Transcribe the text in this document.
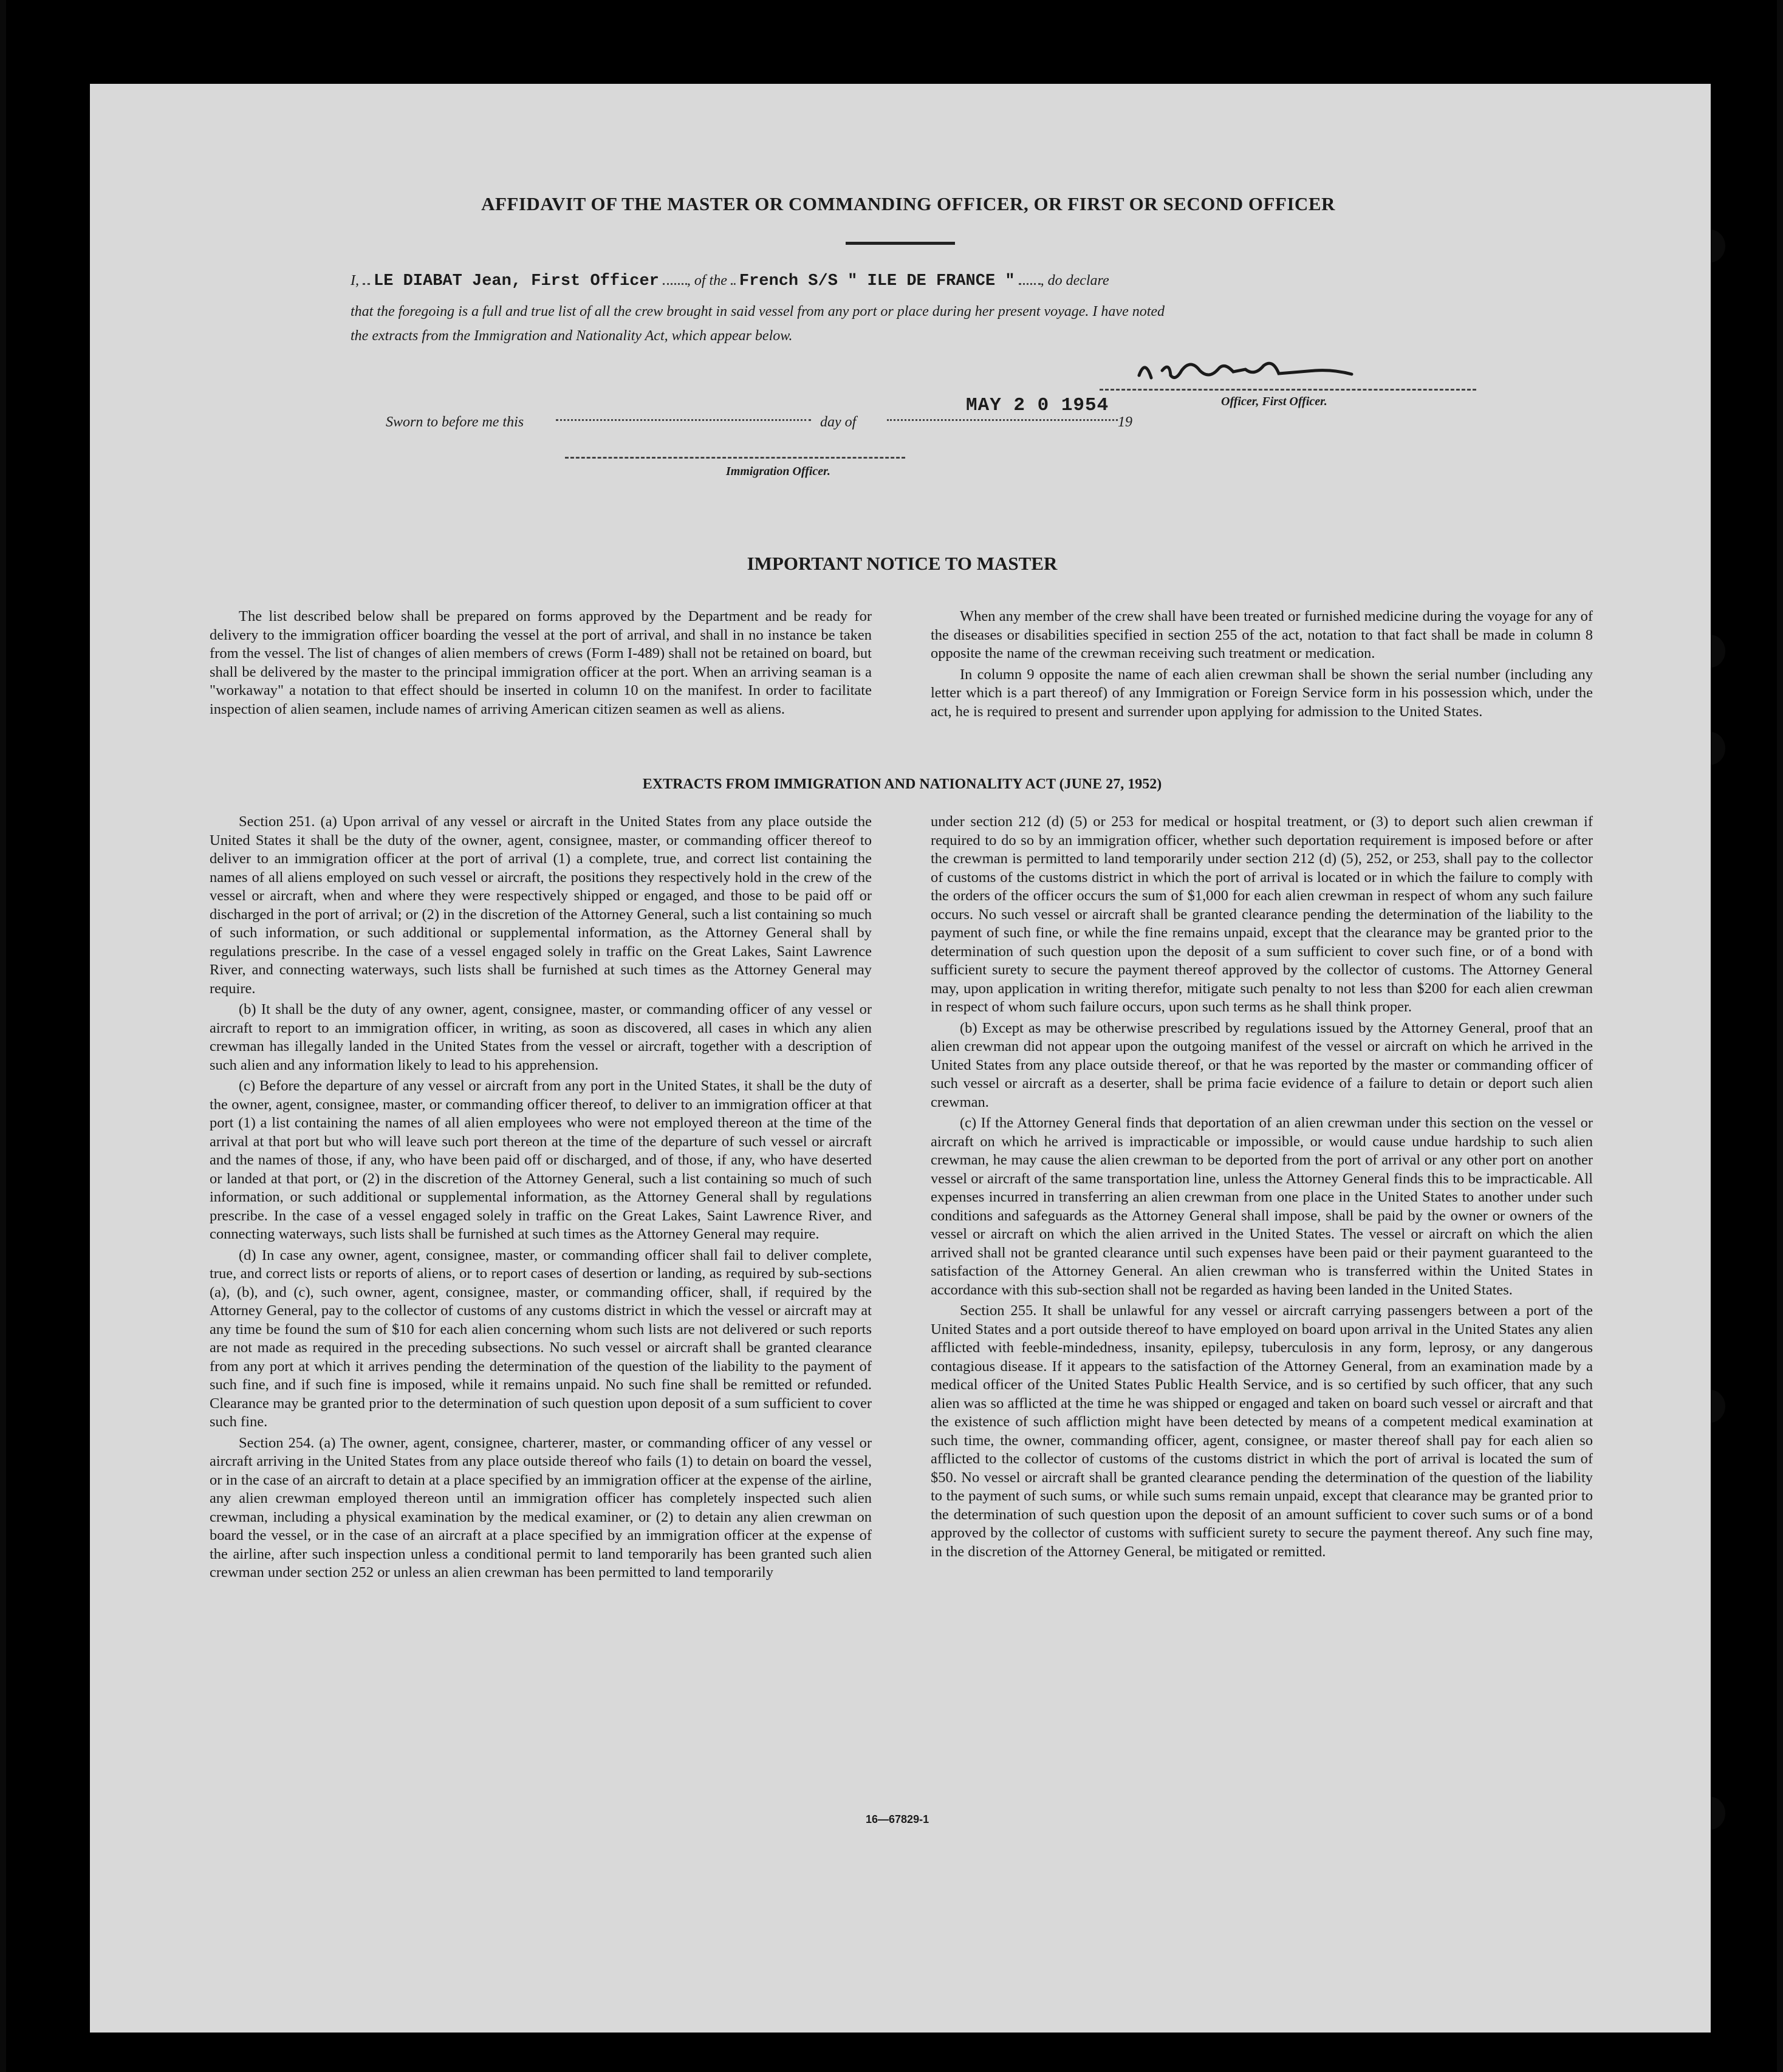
AFFIDAVIT OF THE MASTER OR COMMANDING OFFICER, OR FIRST OR SECOND OFFICER
I, LE DIABAT Jean, First Officer , of the French S/S " ILE DE FRANCE " , do declare
that the foregoing is a full and true list of all the crew brought in said vessel from any port or place during her present voyage. I have noted
the extracts from the Immigration and Nationality Act, which appear below.
Officer, First Officer.
Sworn to before me this	day of
MAY 2 0 1954
19
Immigration Officer.
IMPORTANT NOTICE TO MASTER

The list described below shall be prepared on forms approved by the Department and be ready for delivery to the immigration officer boarding the vessel at the port of arrival, and shall in no instance be taken from the vessel. The list of changes of alien members of crews (Form I-489) shall not be retained on board, but shall be delivered by the master to the principal immigration officer at the port. When an arriving seaman is a "workaway" a notation to that effect should be inserted in column 10 on the manifest. In order to facilitate inspection of alien seamen, include names of arriving American citizen seamen as well as aliens.

When any member of the crew shall have been treated or furnished medicine during the voyage for any of the diseases or disabilities specified in section 255 of the act, notation to that fact shall be made in column 8 opposite the name of the crewman receiving such treatment or medication.

In column 9 opposite the name of each alien crewman shall be shown the serial number (including any letter which is a part thereof) of any Immigration or Foreign Service form in his possession which, under the act, he is required to present and surrender upon applying for admission to the United States.

EXTRACTS FROM IMMIGRATION AND NATIONALITY ACT (JUNE 27, 1952)

Section 251. (a) Upon arrival of any vessel or aircraft in the United States from any place outside the United States it shall be the duty of the owner, agent, consignee, master, or commanding officer thereof to deliver to an immigration officer at the port of arrival (1) a complete, true, and correct list containing the names of all aliens employed on such vessel or aircraft, the positions they respectively hold in the crew of the vessel or aircraft, when and where they were respectively shipped or engaged, and those to be paid off or discharged in the port of arrival; or (2) in the discretion of the Attorney General, such a list containing so much of such information, or such additional or supplemental information, as the Attorney General shall by regulations prescribe. In the case of a vessel engaged solely in traffic on the Great Lakes, Saint Lawrence River, and connecting waterways, such lists shall be furnished at such times as the Attorney General may require.

(b) It shall be the duty of any owner, agent, consignee, master, or commanding officer of any vessel or aircraft to report to an immigration officer, in writing, as soon as discovered, all cases in which any alien crewman has illegally landed in the United States from the vessel or aircraft, together with a description of such alien and any information likely to lead to his apprehension.

(c) Before the departure of any vessel or aircraft from any port in the United States, it shall be the duty of the owner, agent, consignee, master, or commanding officer thereof, to deliver to an immigration officer at that port (1) a list containing the names of all alien employees who were not employed thereon at the time of the arrival at that port but who will leave such port thereon at the time of the departure of such vessel or aircraft and the names of those, if any, who have been paid off or discharged, and of those, if any, who have deserted or landed at that port, or (2) in the discretion of the Attorney General, such a list containing so much of such information, or such additional or supplemental information, as the Attorney General shall by regulations prescribe. In the case of a vessel engaged solely in traffic on the Great Lakes, Saint Lawrence River, and connecting waterways, such lists shall be furnished at such times as the Attorney General may require.

(d) In case any owner, agent, consignee, master, or commanding officer shall fail to deliver complete, true, and correct lists or reports of aliens, or to report cases of desertion or landing, as required by sub-sections (a), (b), and (c), such owner, agent, consignee, master, or commanding officer, shall, if required by the Attorney General, pay to the collector of customs of any customs district in which the vessel or aircraft may at any time be found the sum of $10 for each alien concerning whom such lists are not delivered or such reports are not made as required in the preceding subsections. No such vessel or aircraft shall be granted clearance from any port at which it arrives pending the determination of the question of the liability to the payment of such fine, and if such fine is imposed, while it remains unpaid. No such fine shall be remitted or refunded. Clearance may be granted prior to the determination of such question upon deposit of a sum sufficient to cover such fine.

Section 254. (a) The owner, agent, consignee, charterer, master, or commanding officer of any vessel or aircraft arriving in the United States from any place outside thereof who fails (1) to detain on board the vessel, or in the case of an aircraft to detain at a place specified by an immigration officer at the expense of the airline, any alien crewman employed thereon until an immigration officer has completely inspected such alien crewman, including a physical examination by the medical examiner, or (2) to detain any alien crewman on board the vessel, or in the case of an aircraft at a place specified by an immigration officer at the expense of the airline, after such inspection unless a conditional permit to land temporarily has been granted such alien crewman under section 252 or unless an alien crewman has been permitted to land temporarily

under section 212 (d) (5) or 253 for medical or hospital treatment, or (3) to deport such alien crewman if required to do so by an immigration officer, whether such deportation requirement is imposed before or after the crewman is permitted to land temporarily under section 212 (d) (5), 252, or 253, shall pay to the collector of customs of the customs district in which the port of arrival is located or in which the failure to comply with the orders of the officer occurs the sum of $1,000 for each alien crewman in respect of whom any such failure occurs. No such vessel or aircraft shall be granted clearance pending the determination of the liability to the payment of such fine, or while the fine remains unpaid, except that the clearance may be granted prior to the determination of such question upon the deposit of a sum sufficient to cover such fine, or of a bond with sufficient surety to secure the payment thereof approved by the collector of customs. The Attorney General may, upon application in writing therefor, mitigate such penalty to not less than $200 for each alien crewman in respect of whom such failure occurs, upon such terms as he shall think proper.

(b) Except as may be otherwise prescribed by regulations issued by the Attorney General, proof that an alien crewman did not appear upon the outgoing manifest of the vessel or aircraft on which he arrived in the United States from any place outside thereof, or that he was reported by the master or commanding officer of such vessel or aircraft as a deserter, shall be prima facie evidence of a failure to detain or deport such alien crewman.

(c) If the Attorney General finds that deportation of an alien crewman under this section on the vessel or aircraft on which he arrived is impracticable or impossible, or would cause undue hardship to such alien crewman, he may cause the alien crewman to be deported from the port of arrival or any other port on another vessel or aircraft of the same transportation line, unless the Attorney General finds this to be impracticable. All expenses incurred in transferring an alien crewman from one place in the United States to another under such conditions and safeguards as the Attorney General shall impose, shall be paid by the owner or owners of the vessel or aircraft on which the alien arrived in the United States. The vessel or aircraft on which the alien arrived shall not be granted clearance until such expenses have been paid or their payment guaranteed to the satisfaction of the Attorney General. An alien crewman who is transferred within the United States in accordance with this sub-section shall not be regarded as having been landed in the United States.

Section 255. It shall be unlawful for any vessel or aircraft carrying passengers between a port of the United States and a port outside thereof to have employed on board upon arrival in the United States any alien afflicted with feeble-mindedness, insanity, epilepsy, tuberculosis in any form, leprosy, or any dangerous contagious disease. If it appears to the satisfaction of the Attorney General, from an examination made by a medical officer of the United States Public Health Service, and is so certified by such officer, that any such alien was so afflicted at the time he was shipped or engaged and taken on board such vessel or aircraft and that the existence of such affliction might have been detected by means of a competent medical examination at such time, the owner, commanding officer, agent, consignee, or master thereof shall pay for each alien so afflicted to the collector of customs of the customs district in which the port of arrival is located the sum of $50. No vessel or aircraft shall be granted clearance pending the determination of the question of the liability to the payment of such sums, or while such sums remain unpaid, except that clearance may be granted prior to the determination of such question upon the deposit of an amount sufficient to cover such sums or of a bond approved by the collector of customs with sufficient surety to secure the payment thereof. Any such fine may, in the discretion of the Attorney General, be mitigated or remitted.

16—67829-1
